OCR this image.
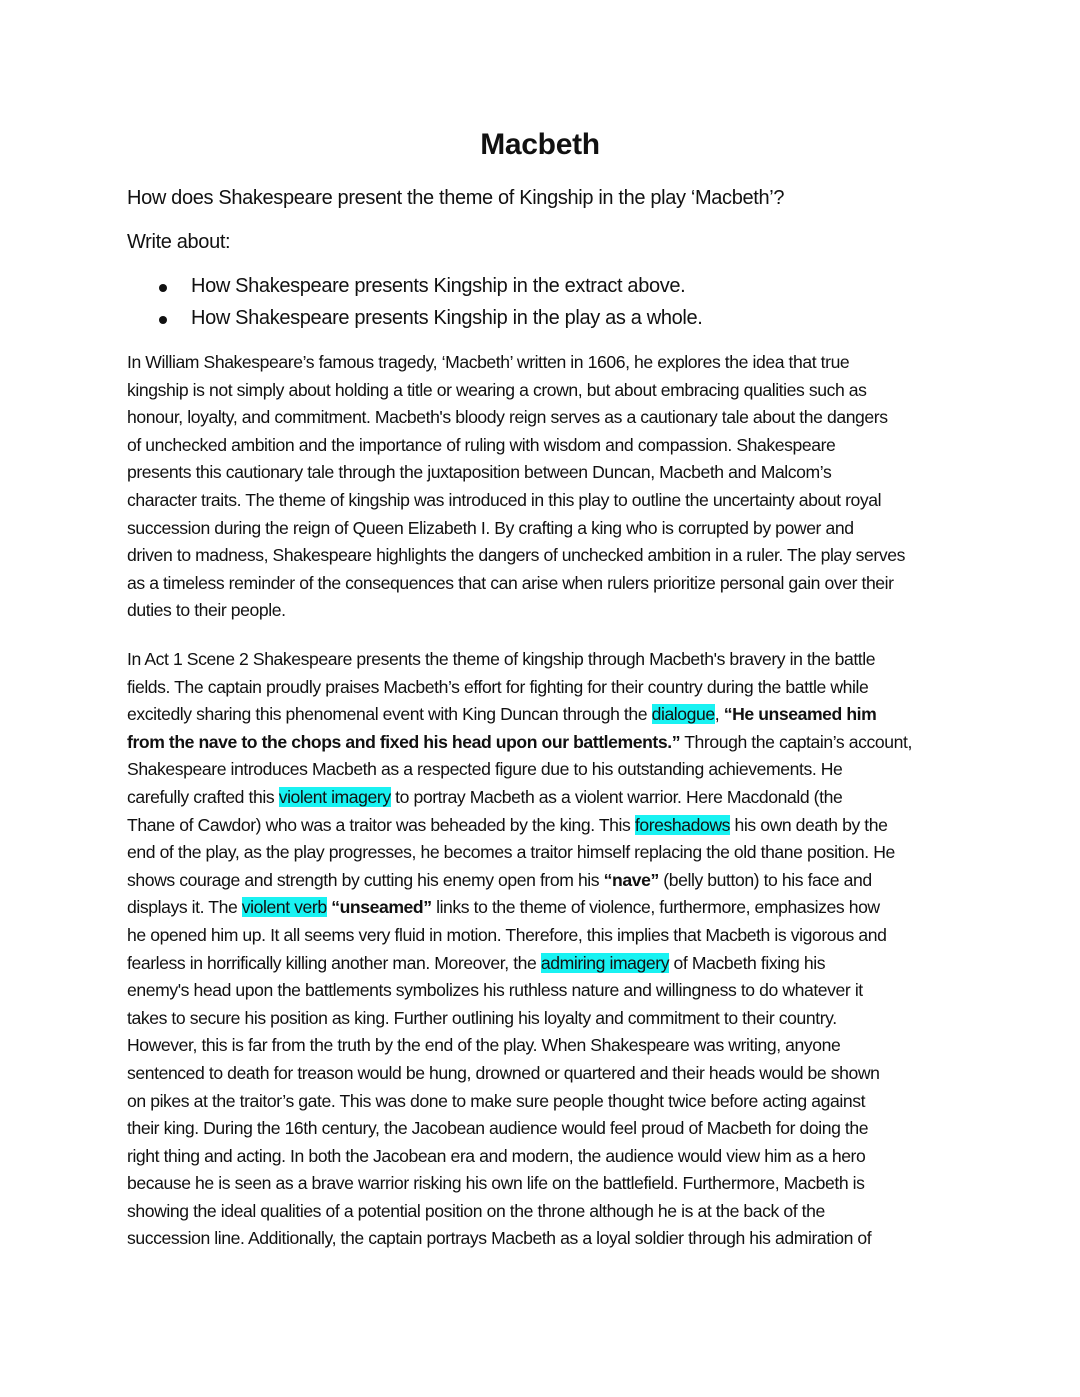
Macbeth
How does Shakespeare present the theme of Kingship in the play ‘Macbeth’?
Write about:
How Shakespeare presents Kingship in the extract above.
How Shakespeare presents Kingship in the play as a whole.
In William Shakespeare’s famous tragedy, ‘Macbeth’ written in 1606, he explores the idea that true
kingship is not simply about holding a title or wearing a crown, but about embracing qualities such as
honour, loyalty, and commitment. Macbeth's bloody reign serves as a cautionary tale about the dangers
of unchecked ambition and the importance of ruling with wisdom and compassion. Shakespeare
presents this cautionary tale through the juxtaposition between Duncan, Macbeth and Malcom’s
character traits. The theme of kingship was introduced in this play to outline the uncertainty about royal
succession during the reign of Queen Elizabeth I. By crafting a king who is corrupted by power and
driven to madness, Shakespeare highlights the dangers of unchecked ambition in a ruler. The play serves
as a timeless reminder of the consequences that can arise when rulers prioritize personal gain over their
duties to their people.
In Act 1 Scene 2 Shakespeare presents the theme of kingship through Macbeth's bravery in the battle
fields. The captain proudly praises Macbeth’s effort for fighting for their country during the battle while
excitedly sharing this phenomenal event with King Duncan through the dialogue, “He unseamed him
from the nave to the chops and fixed his head upon our battlements.” Through the captain’s account,
Shakespeare introduces Macbeth as a respected figure due to his outstanding achievements. He
carefully crafted this violent imagery to portray Macbeth as a violent warrior. Here Macdonald (the
Thane of Cawdor) who was a traitor was beheaded by the king. This foreshadows his own death by the
end of the play, as the play progresses, he becomes a traitor himself replacing the old thane position. He
shows courage and strength by cutting his enemy open from his “nave” (belly button) to his face and
displays it. The violent verb “unseamed” links to the theme of violence, furthermore, emphasizes how
he opened him up. It all seems very fluid in motion. Therefore, this implies that Macbeth is vigorous and
fearless in horrifically killing another man. Moreover, the admiring imagery of Macbeth fixing his
enemy's head upon the battlements symbolizes his ruthless nature and willingness to do whatever it
takes to secure his position as king. Further outlining his loyalty and commitment to their country.
However, this is far from the truth by the end of the play. When Shakespeare was writing, anyone
sentenced to death for treason would be hung, drowned or quartered and their heads would be shown
on pikes at the traitor’s gate. This was done to make sure people thought twice before acting against
their king. During the 16th century, the Jacobean audience would feel proud of Macbeth for doing the
right thing and acting. In both the Jacobean era and modern, the audience would view him as a hero
because he is seen as a brave warrior risking his own life on the battlefield. Furthermore, Macbeth is
showing the ideal qualities of a potential position on the throne although he is at the back of the
succession line. Additionally, the captain portrays Macbeth as a loyal soldier through his admiration of
